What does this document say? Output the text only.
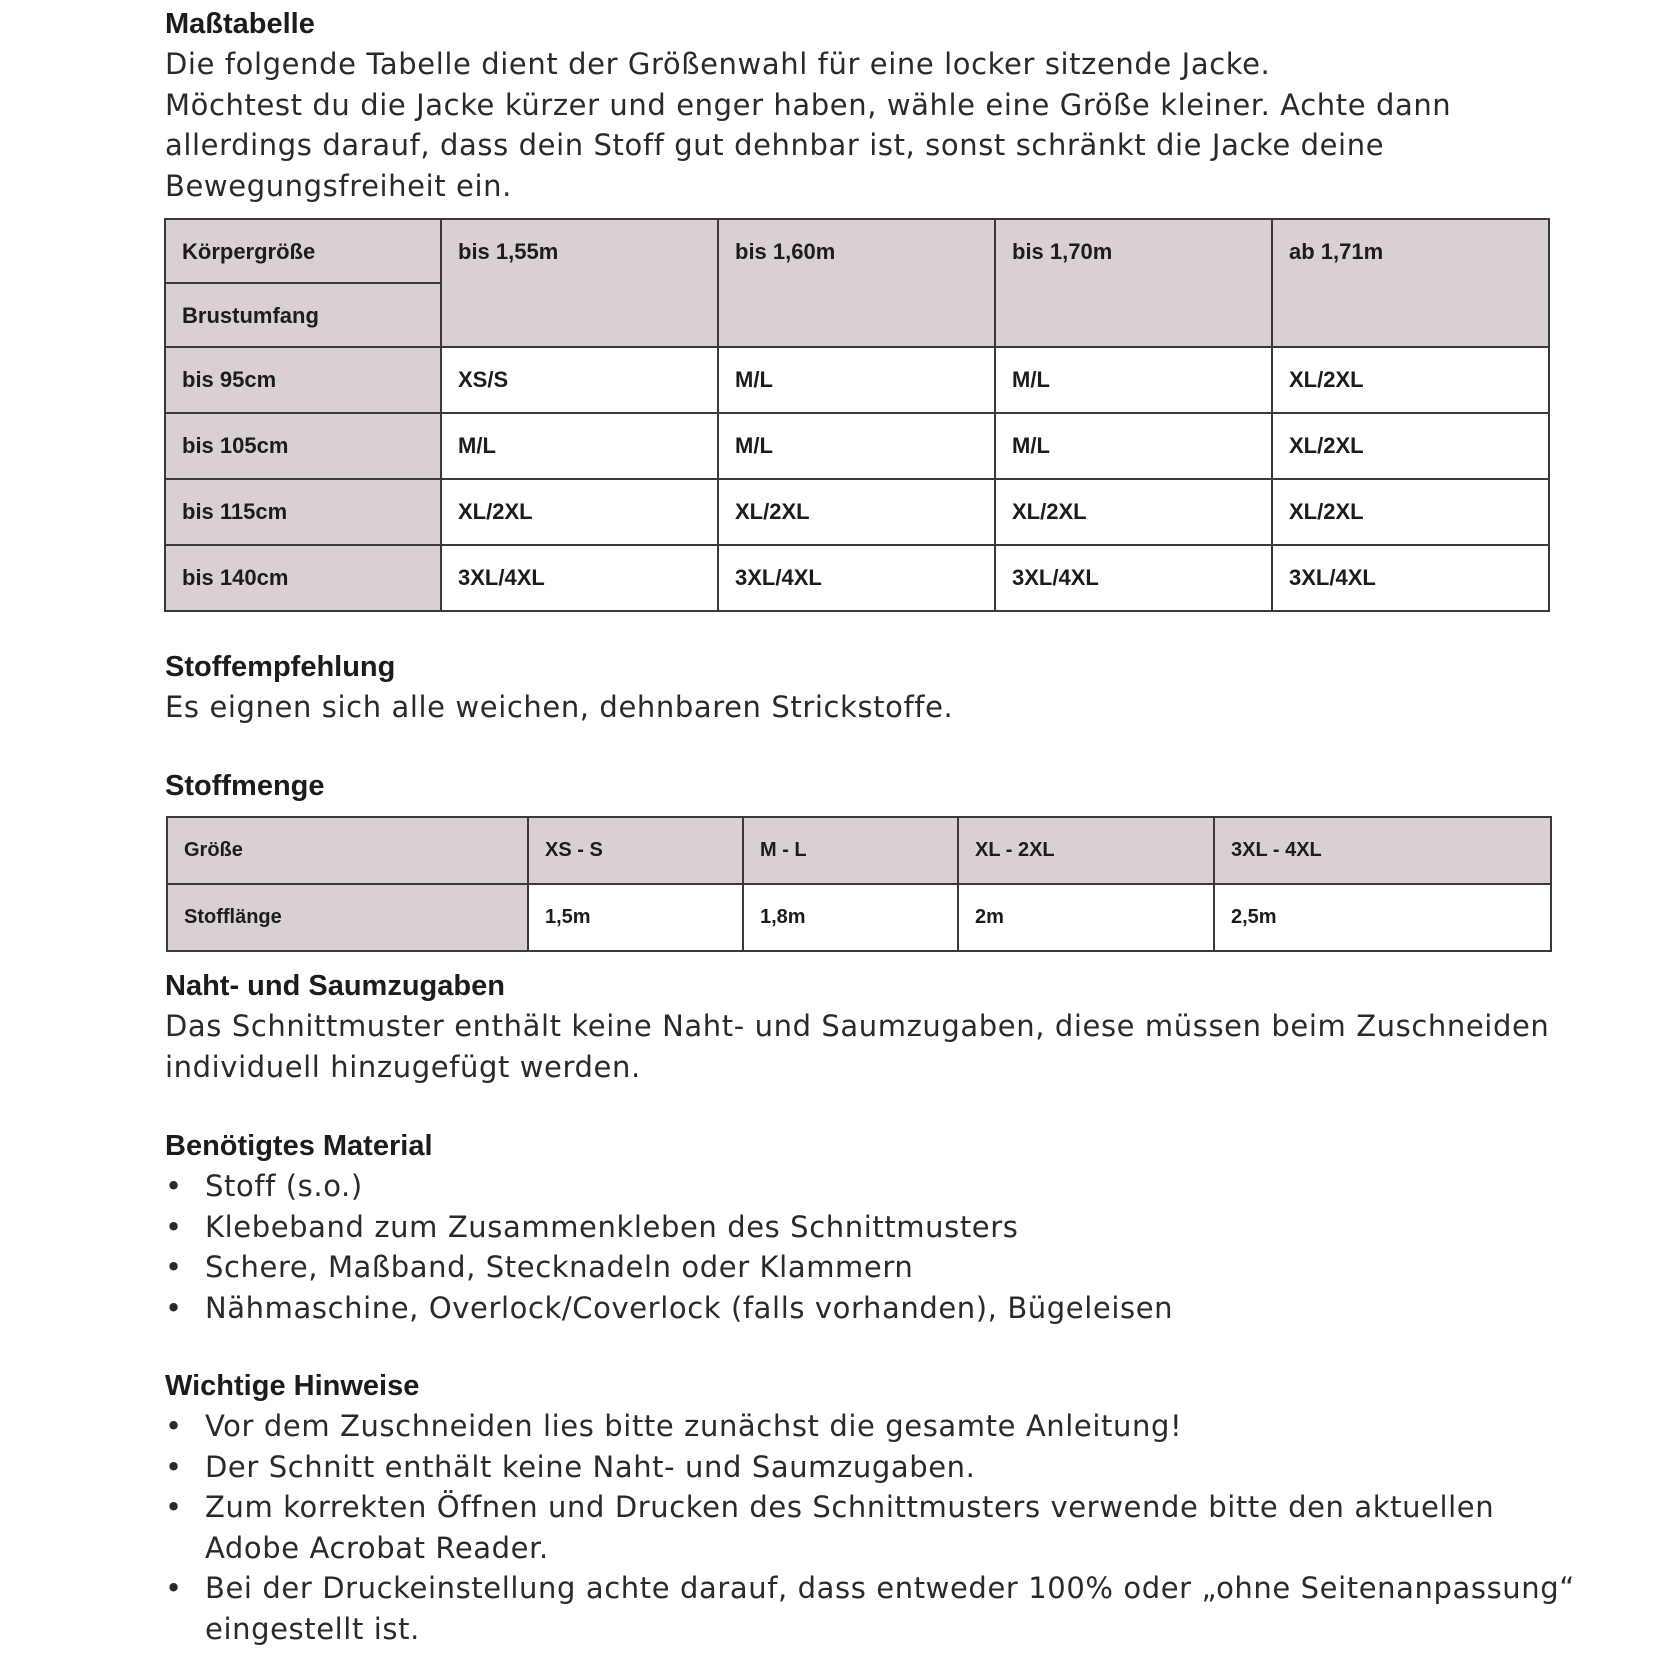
Maßtabelle

Die folgende Tabelle dient der Größenwahl für eine locker sitzende Jacke.

Möchtest du die Jacke kürzer und enger haben, wähle eine Größe kleiner. Achte dann allerdings darauf, dass dein Stoff gut dehnbar ist, sonst schränkt die Jacke deine Bewegungsfreiheit ein.

Körpergröße	bis 1,55m	bis 1,60m	bis 1,70m	ab 1,71m
Brustumfang				
bis 95cm	XS/S	M/L	M/L	XL/2XL
bis 105cm	M/L	M/L	M/L	XL/2XL
bis 115cm	XL/2XL	XL/2XL	XL/2XL	XL/2XL
bis 140cm	3XL/4XL	3XL/4XL	3XL/4XL	3XL/4XL
Stoffempfehlung

Es eignen sich alle weichen, dehnbaren Strickstoffe.

Stoffmenge
Größe	XS - S	M - L	XL - 2XL	3XL - 4XL
Stofflänge	1,5m	1,8m	2m	2,5m
Naht- und Saumzugaben

Das Schnittmuster enthält keine Naht- und Saumzugaben, diese müssen beim Zuschneiden individuell hinzugefügt werden.

Benötigtes Material
• Stoff (s.o.)
• Klebeband zum Zusammenkleben des Schnittmusters
• Schere, Maßband, Stecknadeln oder Klammern
• Nähmaschine, Overlock/Coverlock (falls vorhanden), Bügeleisen
Wichtige Hinweise
• Vor dem Zuschneiden lies bitte zunächst die gesamte Anleitung!
• Der Schnitt enthält keine Naht- und Saumzugaben.
• Zum korrekten Öffnen und Drucken des Schnittmusters verwende bitte den aktuellen Adobe Acrobat Reader.
• Bei der Druckeinstellung achte darauf, dass entweder 100% oder „ohne Seitenanpassung“ eingestellt ist.
